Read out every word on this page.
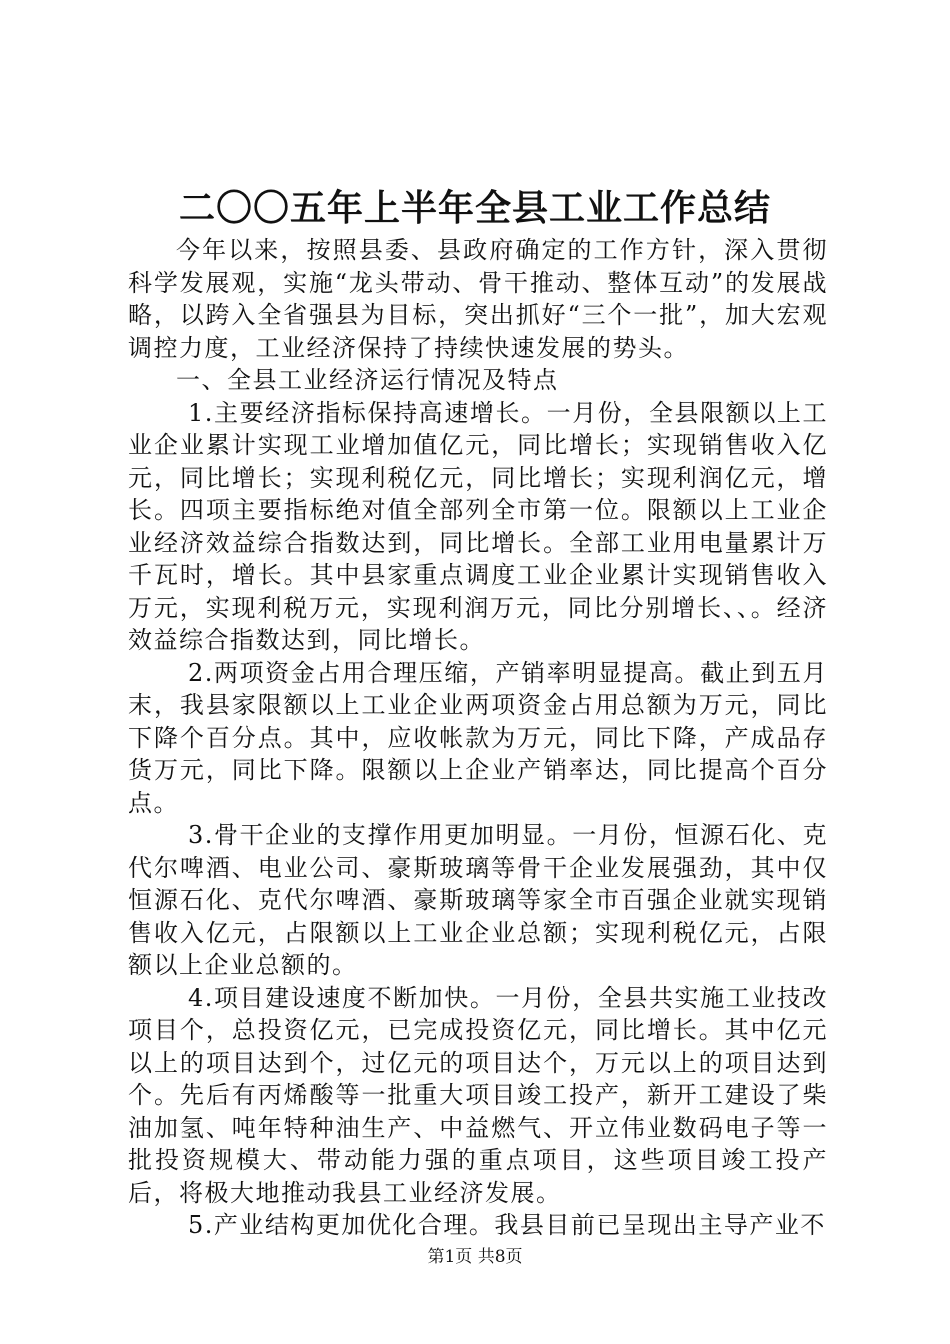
二〇〇五年上半年全县工业工作总结

今年以来，按照县委、县政府确定的工作方针，深入贯彻科学发展观，实施“龙头带动、骨干推动、整体互动”的发展战略，以跨入全省强县为目标，突出抓好“三个一批”，加大宏观调控力度，工业经济保持了持续快速发展的势头。

一、全县工业经济运行情况及特点

1.主要经济指标保持高速增长。一月份，全县限额以上工业企业累计实现工业增加值亿元，同比增长；实现销售收入亿元，同比增长；实现利税亿元，同比增长；实现利润亿元，增长。四项主要指标绝对值全部列全市第一位。限额以上工业企业经济效益综合指数达到，同比增长。全部工业用电量累计万千瓦时，增长。其中县家重点调度工业企业累计实现销售收入万元，实现利税万元，实现利润万元，同比分别增长、、。经济效益综合指数达到，同比增长。

2.两项资金占用合理压缩，产销率明显提高。截止到五月末，我县家限额以上工业企业两项资金占用总额为万元，同比下降个百分点。其中，应收帐款为万元，同比下降，产成品存货万元，同比下降。限额以上企业产销率达，同比提高个百分点。

3.骨干企业的支撑作用更加明显。一月份，恒源石化、克代尔啤酒、电业公司、豪斯玻璃等骨干企业发展强劲，其中仅恒源石化、克代尔啤酒、豪斯玻璃等家全市百强企业就实现销售收入亿元，占限额以上工业企业总额；实现利税亿元，占限额以上企业总额的。

4.项目建设速度不断加快。一月份，全县共实施工业技改项目个，总投资亿元，已完成投资亿元，同比增长。其中亿元以上的项目达到个，过亿元的项目达个，万元以上的项目达到个。先后有丙烯酸等一批重大项目竣工投产，新开工建设了柴油加氢、吨年特种油生产、中益燃气、开立伟业数码电子等一批投资规模大、带动能力强的重点项目，这些项目竣工投产后，将极大地推动我县工业经济发展。

5.产业结构更加优化合理。我县目前已呈现出主导产业不

第1页 共8页
